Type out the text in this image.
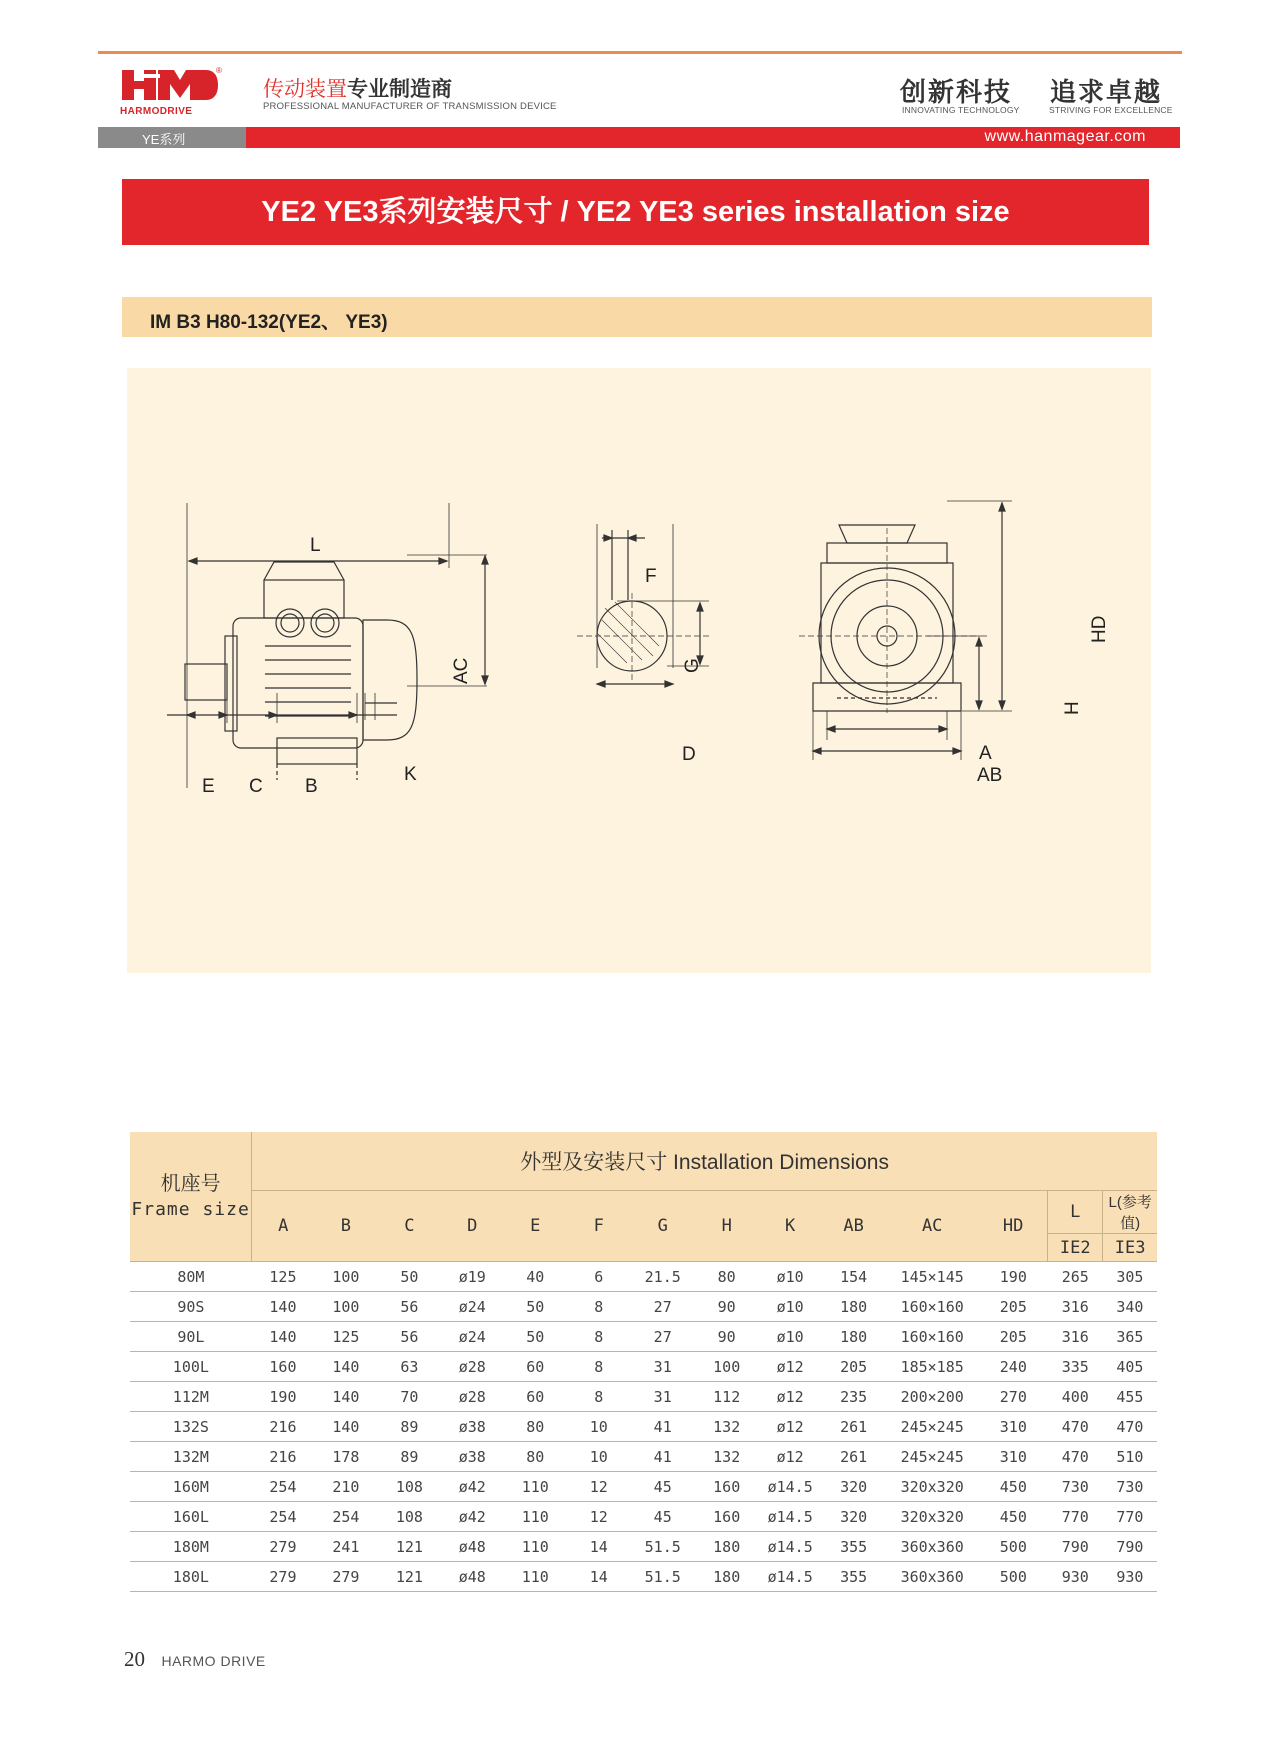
HARMODRIVE
®
传动装置专业制造商
PROFESSIONAL MANUFACTURER OF TRANSMISSION DEVICE	创新科技
INNOVATING TECHNOLOGY
追求卓越
STRIVING FOR EXCELLENCE
YE系列	www.hanmagear.com
YE2 YE3系列安装尺寸 / YE2 YE3 series installation size
IM B3 H80-132(YE2、 YE3)
L
AC
E C B
K
F
G
D
HD
H
A
AB
机座号
Frame size	外型及安装尺寸 Installation Dimensions													
	A	B	C	D	E	F	G	H	K	AB	AC	HD	L	L(参考值)
													IE2	IE3
80M	125	100	50	ø19	40	6	21.5	80	ø10	154	145×145	190	265	305
90S	140	100	56	ø24	50	8	27	90	ø10	180	160×160	205	316	340
90L	140	125	56	ø24	50	8	27	90	ø10	180	160×160	205	316	365
100L	160	140	63	ø28	60	8	31	100	ø12	205	185×185	240	335	405
112M	190	140	70	ø28	60	8	31	112	ø12	235	200×200	270	400	455
132S	216	140	89	ø38	80	10	41	132	ø12	261	245×245	310	470	470
132M	216	178	89	ø38	80	10	41	132	ø12	261	245×245	310	470	510
160M	254	210	108	ø42	110	12	45	160	ø14.5	320	320x320	450	730	730
160L	254	254	108	ø42	110	12	45	160	ø14.5	320	320x320	450	770	770
180M	279	241	121	ø48	110	14	51.5	180	ø14.5	355	360x360	500	790	790
180L	279	279	121	ø48	110	14	51.5	180	ø14.5	355	360x360	500	930	930
20 HARMO DRIVE
